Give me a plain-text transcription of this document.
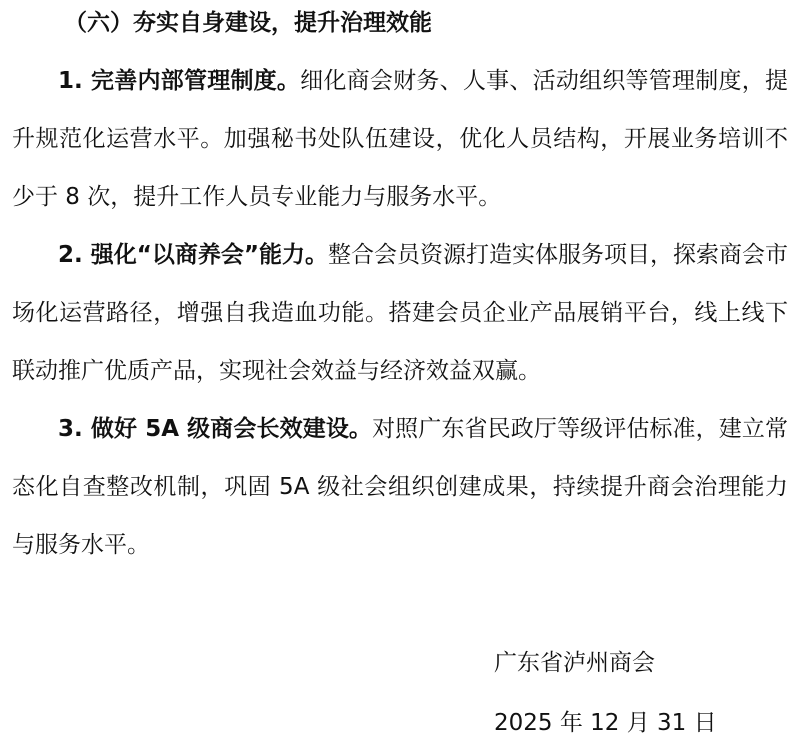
（六）夯实自身建设，提升治理效能
1. 完善内部管理制度。细化商会财务、人事、活动组织等管理制度，提升规范化运营水平。加强秘书处队伍建设，优化人员结构，开展业务培训不少于 8 次，提升工作人员专业能力与服务水平。
2. 强化“以商养会”能力。整合会员资源打造实体服务项目，探索商会市场化运营路径，增强自我造血功能。搭建会员企业产品展销平台，线上线下联动推广优质产品，实现社会效益与经济效益双赢。
3. 做好 5A 级商会长效建设。对照广东省民政厅等级评估标准，建立常态化自查整改机制，巩固 5A 级社会组织创建成果，持续提升商会治理能力与服务水平。
广东省泸州商会
2025 年 12 月 31 日
